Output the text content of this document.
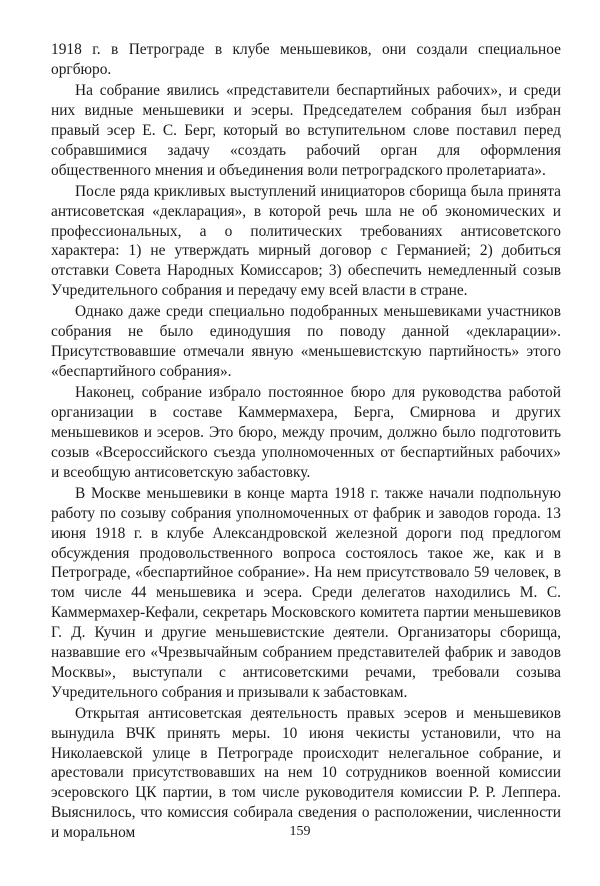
1918 г. в Петрограде в клубе меньшевиков, они создали специальное оргбюро.

На собрание явились «представители беспартийных рабочих», и среди них видные меньшевики и эсеры. Председателем собрания был избран правый эсер Е. С. Берг, который во вступительном слове поставил перед собравшимися задачу «создать рабочий орган для оформления общественного мнения и объединения воли петроградского пролетариата».

После ряда крикливых выступлений инициаторов сборища была принята антисоветская «декларация», в которой речь шла не об экономических и профессиональных, а о политических требованиях антисоветского характера: 1) не утверждать мирный договор с Германией; 2) добиться отставки Совета Народных Комиссаров; 3) обеспечить немедленный созыв Учредительного собрания и передачу ему всей власти в стране.

Однако даже среди специально подобранных меньшевиками участников собрания не было единодушия по поводу данной «декларации». Присутствовавшие отмечали явную «меньшевистскую партийность» этого «беспартийного собрания».

Наконец, собрание избрало постоянное бюро для руководства работой организации в составе Каммермахера, Берга, Смирнова и других меньшевиков и эсеров. Это бюро, между прочим, должно было подготовить созыв «Всероссийского съезда уполномоченных от беспартийных рабочих» и всеобщую антисоветскую забастовку.

В Москве меньшевики в конце марта 1918 г. также начали подпольную работу по созыву собрания уполномоченных от фабрик и заводов города. 13 июня 1918 г. в клубе Александровской железной дороги под предлогом обсуждения продовольственного вопроса состоялось такое же, как и в Петрограде, «беспартийное собрание». На нем присутствовало 59 человек, в том числе 44 меньшевика и эсера. Среди делегатов находились М. С. Каммермахер-Кефали, секретарь Московского комитета партии меньшевиков Г. Д. Кучин и другие меньшевистские деятели. Организаторы сборища, назвавшие его «Чрезвычайным собранием представителей фабрик и заводов Москвы», выступали с антисоветскими речами, требовали созыва Учредительного собрания и призывали к забастовкам.

Открытая антисоветская деятельность правых эсеров и меньшевиков вынудила ВЧК принять меры. 10 июня чекисты установили, что на Николаевской улице в Петрограде происходит нелегальное собрание, и арестовали присутствовавших на нем 10 сотрудников военной комиссии эсеровского ЦК партии, в том числе руководителя комиссии Р. Р. Леппера. Выяснилось, что комиссия собирала сведения о расположении, численности и моральном	159
